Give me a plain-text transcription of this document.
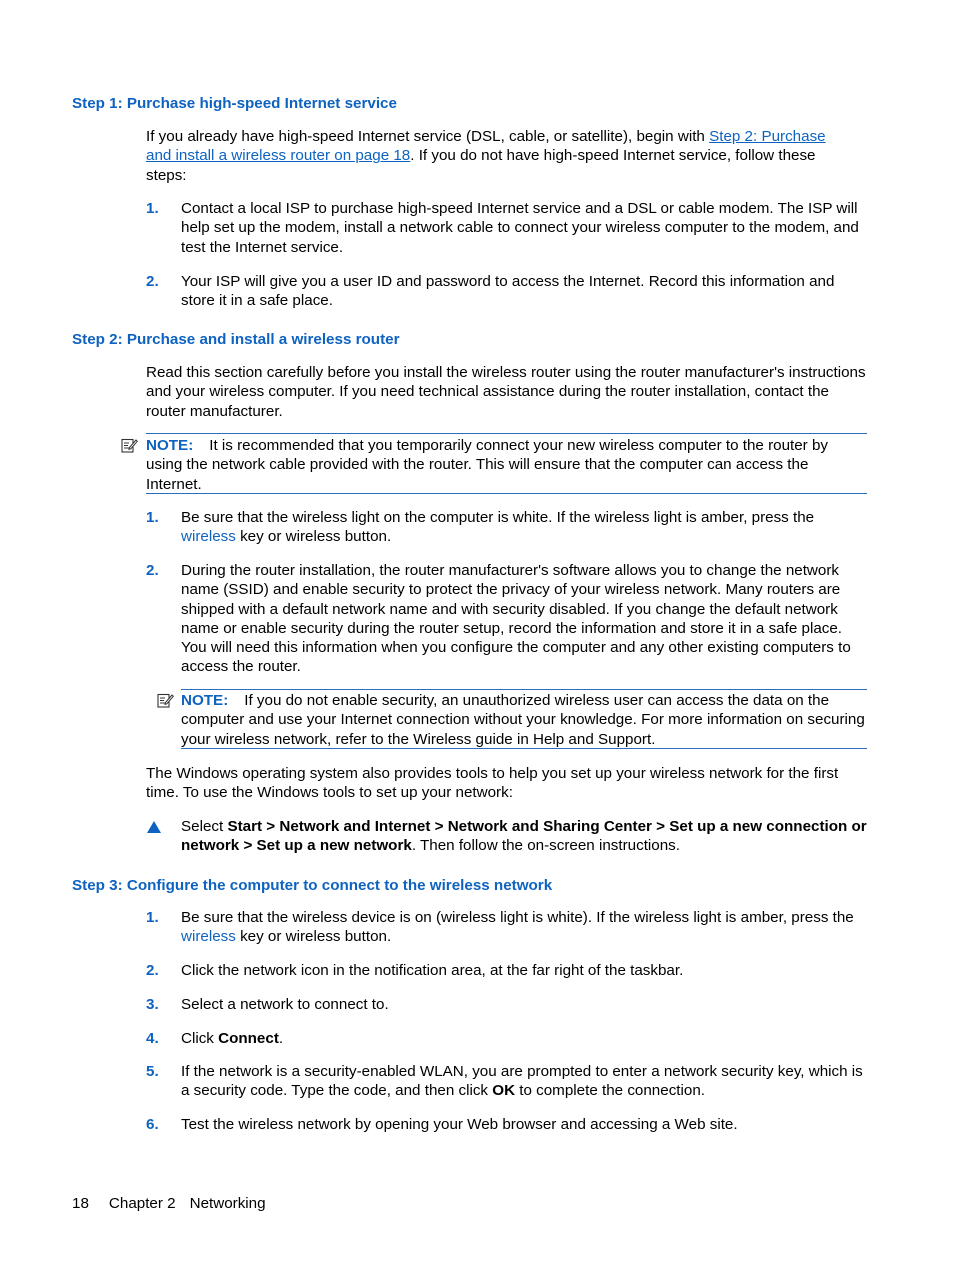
Step 1: Purchase high-speed Internet service
If you already have high-speed Internet service (DSL, cable, or satellite), begin with Step 2: Purchase
and install a wireless router on page 18. If you do not have high-speed Internet service, follow these
steps:
1.	Contact a local ISP to purchase high-speed Internet service and a DSL or cable modem. The ISP will help set up the modem, install a network cable to connect your wireless computer to the modem, and test the Internet service.
2.	Your ISP will give you a user ID and password to access the Internet. Record this information and store it in a safe place.
Step 2: Purchase and install a wireless router
Read this section carefully before you install the wireless router using the router manufacturer's instructions and your wireless computer. If you need technical assistance during the router installation, contact the router manufacturer.
NOTE: It is recommended that you temporarily connect your new wireless computer to the router by using the network cable provided with the router. This will ensure that the computer can access the Internet.
1.	Be sure that the wireless light on the computer is white. If the wireless light is amber, press the wireless key or wireless button.
2.	During the router installation, the router manufacturer's software allows you to change the network name (SSID) and enable security to protect the privacy of your wireless network. Many routers are shipped with a default network name and with security disabled. If you change the default network name or enable security during the router setup, record the information and store it in a safe place. You will need this information when you configure the computer and any other existing computers to access the router.
NOTE: If you do not enable security, an unauthorized wireless user can access the data on the computer and use your Internet connection without your knowledge. For more information on securing your wireless network, refer to the Wireless guide in Help and Support.
The Windows operating system also provides tools to help you set up your wireless network for the first time. To use the Windows tools to set up your network:
Select Start > Network and Internet > Network and Sharing Center > Set up a new connection or network > Set up a new network. Then follow the on-screen instructions.
Step 3: Configure the computer to connect to the wireless network
1.	Be sure that the wireless device is on (wireless light is white). If the wireless light is amber, press the wireless key or wireless button.
2.	Click the network icon in the notification area, at the far right of the taskbar.
3.	Select a network to connect to.
4.	Click Connect.
5.	If the network is a security-enabled WLAN, you are prompted to enter a network security key, which is a security code. Type the code, and then click OK to complete the connection.
6.	Test the wireless network by opening your Web browser and accessing a Web site.
18 Chapter 2 Networking
